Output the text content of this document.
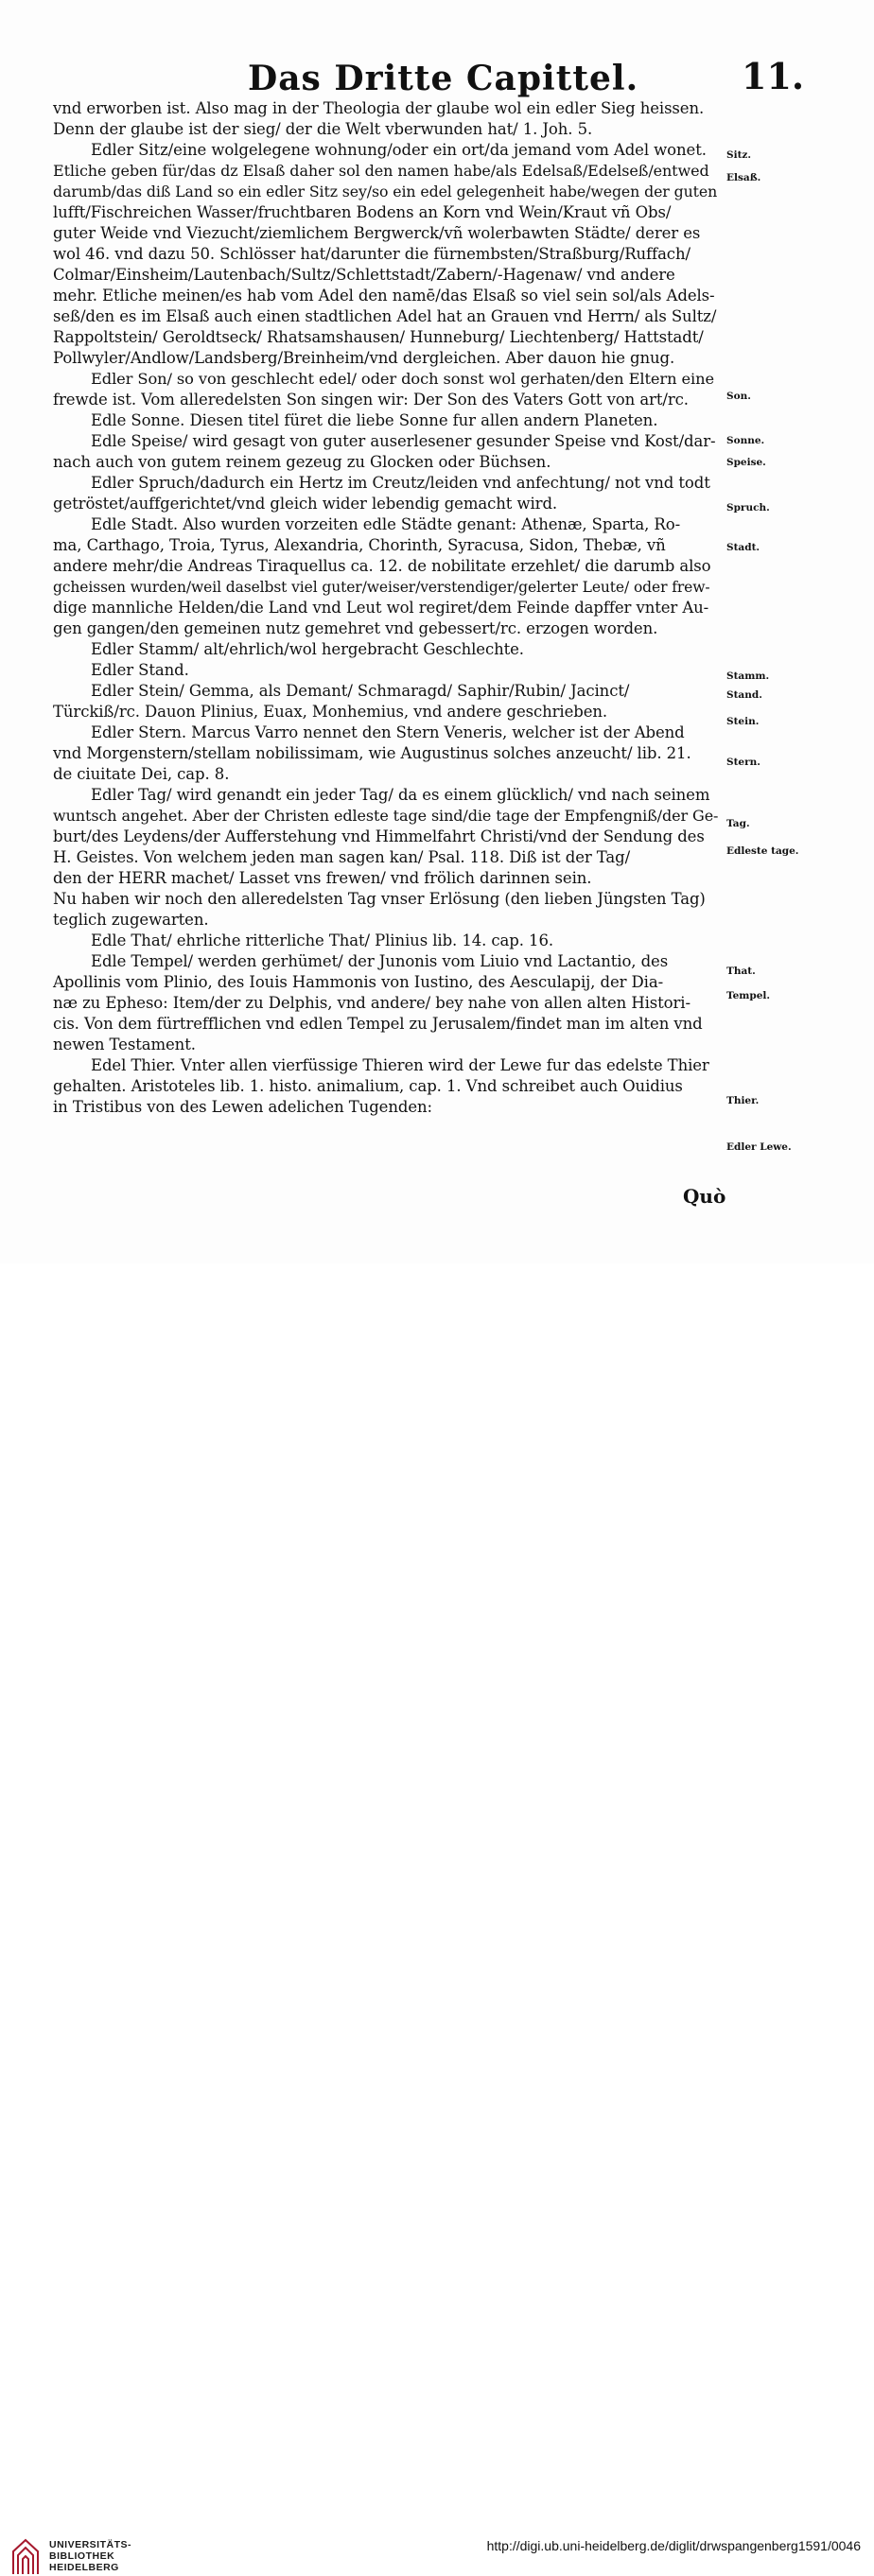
Das Dritte Capittel.	11.
vnd erworben ist. Also mag in der Theologia der glaube wol ein edler Sieg heissen.
Denn der glaube ist der sieg/ der die Welt vberwunden hat/ 1. Joh. 5.
Edler Sitz/eine wolgelegene wohnung/oder ein ort/da jemand vom Adel wonet.
Etliche geben für/das dz Elsaß daher sol den namen habe/als Edelsaß/Edelseß/entwed
darumb/das diß Land so ein edler Sitz sey/so ein edel gelegenheit habe/wegen der guten
lufft/Fischreichen Wasser/fruchtbaren Bodens an Korn vnd Wein/Kraut vñ Obs/
guter Weide vnd Viezucht/ziemlichem Bergwerck/vñ wolerbawten Städte/ derer es
wol 46. vnd dazu 50. Schlösser hat/darunter die fürnembsten/Straßburg/Ruffach/
Colmar/Einsheim/Lautenbach/Sultz/Schlettstadt/Zabern/-Hagenaw/ vnd andere
mehr. Etliche meinen/es hab vom Adel den namē/das Elsaß so viel sein sol/als Adels-
seß/den es im Elsaß auch einen stadtlichen Adel hat an Grauen vnd Herrn/ als Sultz/
Rappoltstein/ Geroldtseck/ Rhatsamshausen/ Hunneburg/ Liechtenberg/ Hattstadt/
Pollwyler/Andlow/Landsberg/Breinheim/vnd dergleichen. Aber dauon hie gnug.
Edler Son/ so von geschlecht edel/ oder doch sonst wol gerhaten/den Eltern eine
frewde ist. Vom alleredelsten Son singen wir: Der Son des Vaters Gott von art/rc.
Edle Sonne. Diesen titel füret die liebe Sonne fur allen andern Planeten.
Edle Speise/ wird gesagt von guter auserlesener gesunder Speise vnd Kost/dar-
nach auch von gutem reinem gezeug zu Glocken oder Büchsen.
Edler Spruch/dadurch ein Hertz im Creutz/leiden vnd anfechtung/ not vnd todt
getröstet/auffgerichtet/vnd gleich wider lebendig gemacht wird.
Edle Stadt. Also wurden vorzeiten edle Städte genant: Athenæ, Sparta, Ro-
ma, Carthago, Troia, Tyrus, Alexandria, Chorinth, Syracusa, Sidon, Thebæ, vñ
andere mehr/die Andreas Tiraquellus ca. 12. de nobilitate erzehlet/ die darumb also
gcheissen wurden/weil daselbst viel guter/weiser/verstendiger/gelerter Leute/ oder frew-
dige mannliche Helden/die Land vnd Leut wol regiret/dem Feinde dapffer vnter Au-
gen gangen/den gemeinen nutz gemehret vnd gebessert/rc. erzogen worden.
Edler Stamm/ alt/ehrlich/wol hergebracht Geschlechte.
Edler Stand.
Edler Stein/ Gemma, als Demant/ Schmaragd/ Saphir/Rubin/ Jacinct/
Türckiß/rc. Dauon Plinius, Euax, Monhemius, vnd andere geschrieben.
Edler Stern. Marcus Varro nennet den Stern Veneris, welcher ist der Abend
vnd Morgenstern/stellam nobilissimam, wie Augustinus solches anzeucht/ lib. 21.
de ciuitate Dei, cap. 8.
Edler Tag/ wird genandt ein jeder Tag/ da es einem glücklich/ vnd nach seinem
wuntsch angehet. Aber der Christen edleste tage sind/die tage der Empfengniß/der Ge-
burt/des Leydens/der Aufferstehung vnd Himmelfahrt Christi/vnd der Sendung des
H. Geistes. Von welchem jeden man sagen kan/ Psal. 118. Diß ist der Tag/
den der HERR machet/ Lasset vns frewen/ vnd frölich darinnen sein.
Nu haben wir noch den alleredelsten Tag vnser Erlösung (den lieben Jüngsten Tag)
teglich zugewarten.
Edle That/ ehrliche ritterliche That/ Plinius lib. 14. cap. 16.
Edle Tempel/ werden gerhümet/ der Junonis vom Liuio vnd Lactantio, des
Apollinis vom Plinio, des Iouis Hammonis von Iustino, des Aesculapij, der Dia-
næ zu Epheso: Item/der zu Delphis, vnd andere/ bey nahe von allen alten Histori-
cis. Von dem fürtrefflichen vnd edlen Tempel zu Jerusalem/findet man im alten vnd
newen Testament.
Edel Thier. Vnter allen vierfüssige Thieren wird der Lewe fur das edelste Thier
gehalten. Aristoteles lib. 1. histo. animalium, cap. 1. Vnd schreibet auch Ouidius
in Tristibus von des Lewen adelichen Tugenden:
Sitz.
Elsaß.
Son.
Sonne.
Speise.
Spruch.
Stadt.
Stamm.
Stand.
Stein.
Stern.
Tag.
Edleste tage.
That.
Tempel.
Thier.
Edler Lewe.
Quò
UNIVERSITÄTS-
BIBLIOTHEK
HEIDELBERG
http://digi.ub.uni-heidelberg.de/diglit/drwspangenberg1591/0046
